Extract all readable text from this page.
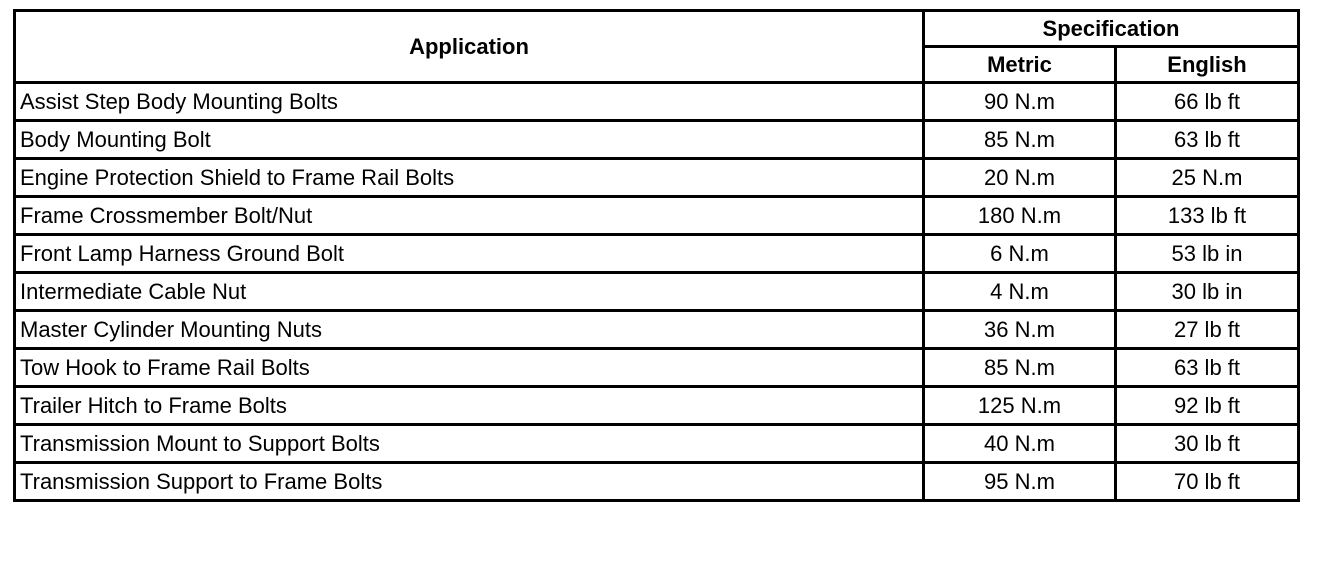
Application	Specification	
	Metric	English
Assist Step Body Mounting Bolts	90 N.m	66 lb ft
Body Mounting Bolt	85 N.m	63 lb ft
Engine Protection Shield to Frame Rail Bolts	20 N.m	25 N.m
Frame Crossmember Bolt/Nut	180 N.m	133 lb ft
Front Lamp Harness Ground Bolt	6 N.m	53 lb in
Intermediate Cable Nut	4 N.m	30 lb in
Master Cylinder Mounting Nuts	36 N.m	27 lb ft
Tow Hook to Frame Rail Bolts	85 N.m	63 lb ft
Trailer Hitch to Frame Bolts	125 N.m	92 lb ft
Transmission Mount to Support Bolts	40 N.m	30 lb ft
Transmission Support to Frame Bolts	95 N.m	70 lb ft
